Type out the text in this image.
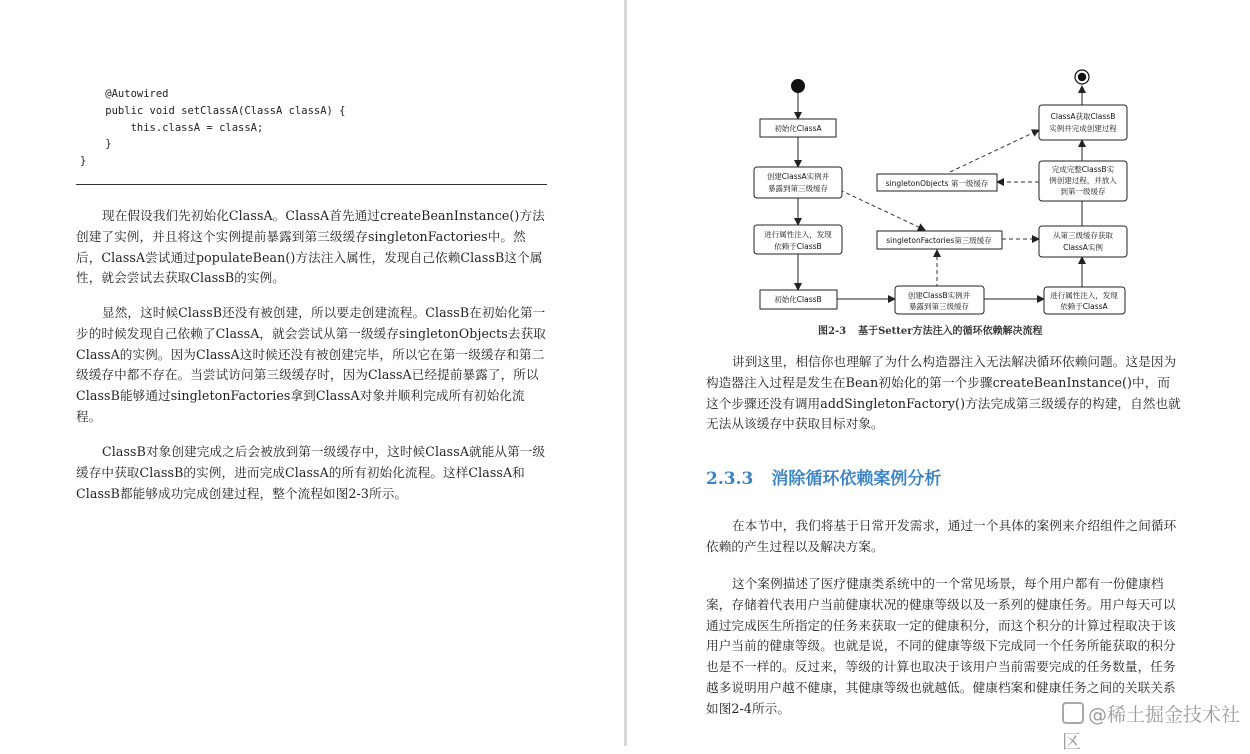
@Autowired
public void setClassA(ClassA classA) {
this.classA = classA;
}
}

现在假设我们先初始化ClassA。ClassA首先通过createBeanInstance()方法创建了实例，并且将这个实例提前暴露到第三级缓存singletonFactories中。然后，ClassA尝试通过populateBean()方法注入属性，发现自己依赖ClassB这个属性，就会尝试去获取ClassB的实例。

显然，这时候ClassB还没有被创建，所以要走创建流程。ClassB在初始化第一步的时候发现自己依赖了ClassA，就会尝试从第一级缓存singletonObjects去获取ClassA的实例。因为ClassA这时候还没有被创建完毕，所以它在第一级缓存和第二级缓存中都不存在。当尝试访问第三级缓存时，因为ClassA已经提前暴露了，所以ClassB能够通过singletonFactories拿到ClassA对象并顺利完成所有初始化流程。

ClassB对象创建完成之后会被放到第一级缓存中，这时候ClassA就能从第一级缓存中获取ClassB的实例，进而完成ClassA的所有初始化流程。这样ClassA和ClassB都能够成功完成创建过程，整个流程如图2-3所示。

初始化ClassA
创建ClassA实例并
暴露到第三级缓存
进行属性注入，发现
依赖于ClassB
初始化ClassB	创建ClassB实例并
暴露到第三级缓存
进行属性注入，发现
依赖于ClassA
从第三级缓存获取
ClassA实例
完成完整ClassB实
例创建过程，并放入
到第一级缓存
ClassA获取ClassB
实例并完成创建过程
singletonObjects 第一级缓存
singletonFactories第三级缓存
图2-3 基于Setter方法注入的循环依赖解决流程

讲到这里，相信你也理解了为什么构造器注入无法解决循环依赖问题。这是因为构造器注入过程是发生在Bean初始化的第一个步骤createBeanInstance()中，而这个步骤还没有调用addSingletonFactory()方法完成第三级缓存的构建，自然也就无法从该缓存中获取目标对象。

2.3.3 消除循环依赖案例分析

在本节中，我们将基于日常开发需求，通过一个具体的案例来介绍组件之间循环依赖的产生过程以及解决方案。

这个案例描述了医疗健康类系统中的一个常见场景，每个用户都有一份健康档案，存储着代表用户当前健康状况的健康等级以及一系列的健康任务。用户每天可以通过完成医生所指定的任务来获取一定的健康积分，而这个积分的计算过程取决于该用户当前的健康等级。也就是说，不同的健康等级下完成同一个任务所能获取的积分也是不一样的。反过来，等级的计算也取决于该用户当前需要完成的任务数量，任务越多说明用户越不健康，其健康等级也就越低。健康档案和健康任务之间的关联关系如图2-4所示。	@稀土掘金技术社区
